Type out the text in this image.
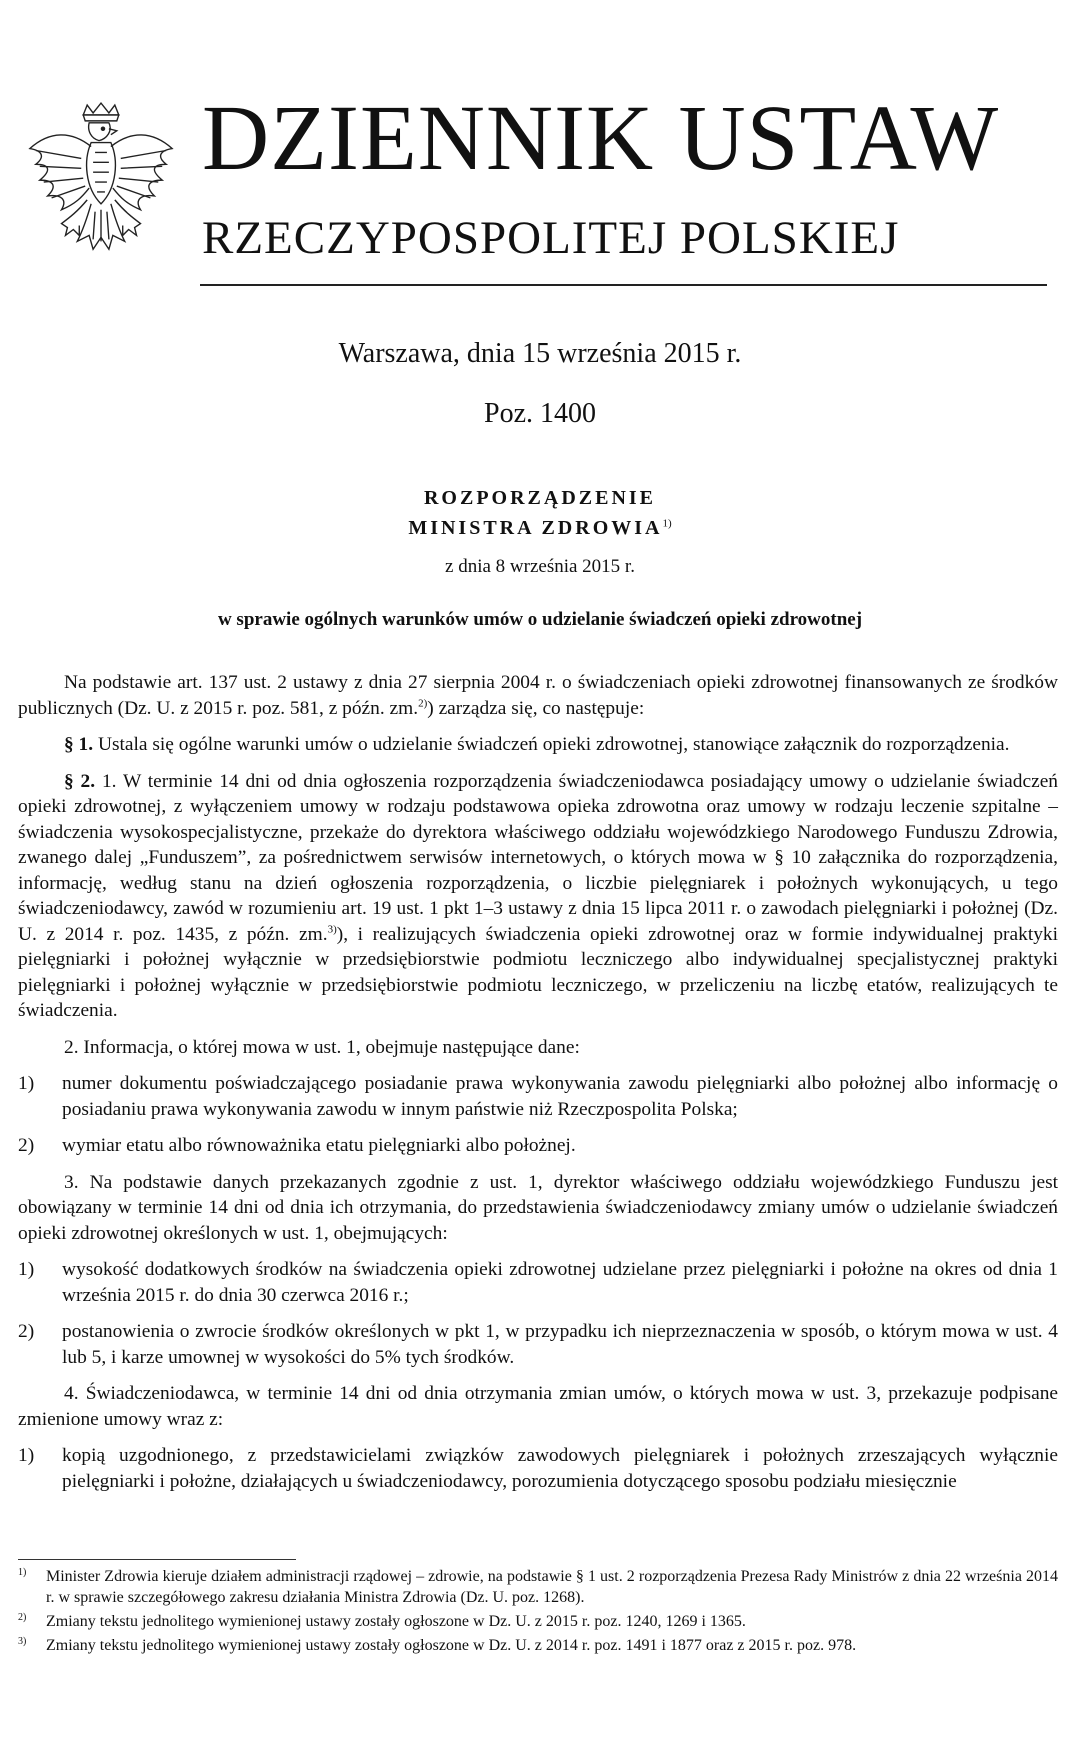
DZIENNIK USTAW
RZECZYPOSPOLITEJ POLSKIEJ
Warszawa, dnia 15 września 2015 r.
Poz. 1400
ROZPORZĄDZENIE
MINISTRA ZDROWIA$^{1)}$
z dnia 8 września 2015 r.
w sprawie ogólnych warunków umów o udzielanie świadczeń opieki zdrowotnej

Na podstawie art. 137 ust. 2 ustawy z dnia 27 sierpnia 2004 r. o świadczeniach opieki zdrowotnej finansowanych ze środków publicznych (Dz. U. z 2015 r. poz. 581, z późn. zm.$^{2)}$) zarządza się, co następuje:

§ 1. Ustala się ogólne warunki umów o udzielanie świadczeń opieki zdrowotnej, stanowiące załącznik do rozporządzenia.

§ 2. 1. W terminie 14 dni od dnia ogłoszenia rozporządzenia świadczeniodawca posiadający umowy o udzielanie świadczeń opieki zdrowotnej, z wyłączeniem umowy w rodzaju podstawowa opieka zdrowotna oraz umowy w rodzaju leczenie szpitalne – świadczenia wysokospecjalistyczne, przekaże do dyrektora właściwego oddziału wojewódzkiego Narodowego Funduszu Zdrowia, zwanego dalej „Funduszem”, za pośrednictwem serwisów internetowych, o których mowa w § 10 załącznika do rozporządzenia, informację, według stanu na dzień ogłoszenia rozporządzenia, o liczbie pielęgniarek i położnych wykonujących, u tego świadczeniodawcy, zawód w rozumieniu art. 19 ust. 1 pkt 1–3 ustawy z dnia 15 lipca 2011 r. o zawodach pielęgniarki i położnej (Dz. U. z 2014 r. poz. 1435, z późn. zm.$^{3)}$), i realizujących świadczenia opieki zdrowotnej oraz w formie indywidualnej praktyki pielęgniarki i położnej wyłącznie w przedsiębiorstwie podmiotu leczniczego albo indywidualnej specjalistycznej praktyki pielęgniarki i położnej wyłącznie w przedsiębiorstwie podmiotu leczniczego, w przeliczeniu na liczbę etatów, realizujących te świadczenia.

2. Informacja, o której mowa w ust. 1, obejmuje następujące dane:

1)	numer dokumentu poświadczającego posiadanie prawa wykonywania zawodu pielęgniarki albo położnej albo informację o posiadaniu prawa wykonywania zawodu w innym państwie niż Rzeczpospolita Polska;
2)	wymiar etatu albo równoważnika etatu pielęgniarki albo położnej.

3. Na podstawie danych przekazanych zgodnie z ust. 1, dyrektor właściwego oddziału wojewódzkiego Funduszu jest obowiązany w terminie 14 dni od dnia ich otrzymania, do przedstawienia świadczeniodawcy zmiany umów o udzielanie świadczeń opieki zdrowotnej określonych w ust. 1, obejmujących:

1)	wysokość dodatkowych środków na świadczenia opieki zdrowotnej udzielane przez pielęgniarki i położne na okres od dnia 1 września 2015 r. do dnia 30 czerwca 2016 r.;
2)	postanowienia o zwrocie środków określonych w pkt 1, w przypadku ich nieprzeznaczenia w sposób, o którym mowa w ust. 4 lub 5, i karze umownej w wysokości do 5% tych środków.

4. Świadczeniodawca, w terminie 14 dni od dnia otrzymania zmian umów, o których mowa w ust. 3, przekazuje podpisane zmienione umowy wraz z:

1)	kopią uzgodnionego, z przedstawicielami związków zawodowych pielęgniarek i położnych zrzeszających wyłącznie pielęgniarki i położne, działających u świadczeniodawcy, porozumienia dotyczącego sposobu podziału miesięcznie
1)	Minister Zdrowia kieruje działem administracji rządowej – zdrowie, na podstawie § 1 ust. 2 rozporządzenia Prezesa Rady Ministrów z dnia 22 września 2014 r. w sprawie szczegółowego zakresu działania Ministra Zdrowia (Dz. U. poz. 1268).
2)	Zmiany tekstu jednolitego wymienionej ustawy zostały ogłoszone w Dz. U. z 2015 r. poz. 1240, 1269 i 1365.
3)	Zmiany tekstu jednolitego wymienionej ustawy zostały ogłoszone w Dz. U. z 2014 r. poz. 1491 i 1877 oraz z 2015 r. poz. 978.
